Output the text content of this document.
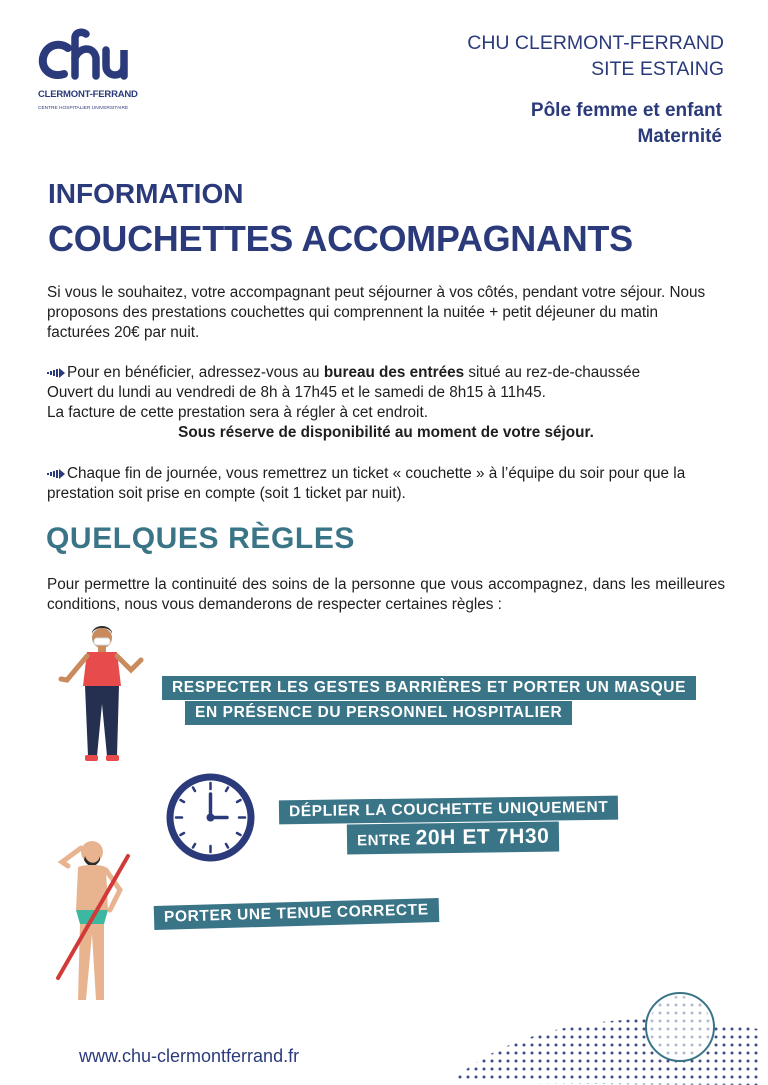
CLERMONT-FERRAND
CENTRE HOSPITALIER UNIVERSITAIRE
CHU CLERMONT-FERRAND
SITE ESTAING
Pôle femme et enfant
Maternité
INFORMATION
COUCHETTES ACCOMPAGNANTS
Si vous le souhaitez, votre accompagnant peut séjourner à vos côtés, pendant votre séjour. Nous proposons des prestations couchettes qui comprennent la nuitée + petit déjeuner du matin facturées 20€ par nuit.
Pour en bénéficier, adressez-vous au bureau des entrées situé au rez-de-chaussée
Ouvert du lundi au vendredi de 8h à 17h45 et le samedi de 8h15 à 11h45.
La facture de cette prestation sera à régler à cet endroit.
Sous réserve de disponibilité au moment de votre séjour.
Chaque fin de journée, vous remettrez un ticket « couchette » à l’équipe du soir pour que la prestation soit prise en compte (soit 1 ticket par nuit).
QUELQUES RÈGLES
Pour permettre la continuité des soins de la personne que vous accompagnez, dans les meilleures conditions, nous vous demanderons de respecter certaines règles :
RESPECTER LES GESTES BARRIÈRES ET PORTER UN MASQUE
EN PRÉSENCE DU PERSONNEL HOSPITALIER
DÉPLIER LA COUCHETTE UNIQUEMENT
ENTRE 20H ET 7H30
PORTER UNE TENUE CORRECTE
www.chu-clermontferrand.fr
